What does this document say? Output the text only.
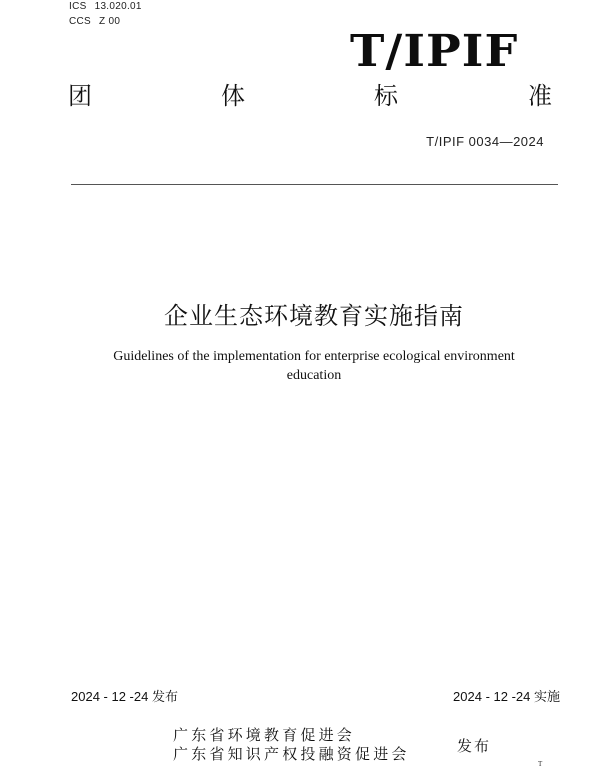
ICS 13.020.01
CCS Z 00
T/IPIF
团	体	标	准
T/IPIF 0034—2024
企业生态环境教育实施指南
Guidelines of the implementation for enterprise ecological environment
education
2024 - 12 -24 发布	2024 - 12 -24 实施
广东省环境教育促进会
广东省知识产权投融资促进会	发布
T
